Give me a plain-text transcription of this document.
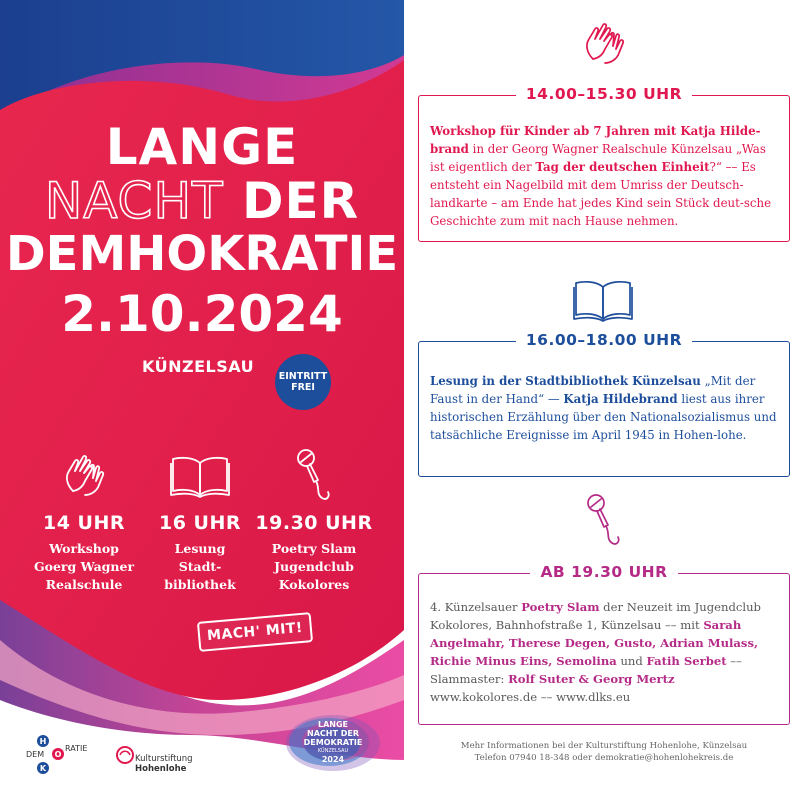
LANGE
NACHT DER
DEMHOKRATIE
2.10.2024
KÜNZELSAU
EINTRITT
FREI
14 UHR
Workshop
Goerg Wagner
Realschule
16 UHR
Lesung
Stadt-
bibliothek
19.30 UHR
Poetry Slam
Jugendclub
Kokolores
MACH' MIT!
H
O
K
DEM
RATIE
Kulturstiftung
Hohenlohe
LANGE
NACHT DER
DEMOKRATIE
KÜNZELSAU
2024
14.00–15.30 UHR
Workshop für Kinder ab 7 Jahren mit Katja Hilde-brand in der Georg Wagner Realschule Künzelsau „Was ist eigentlich der Tag der deutschen Einheit?“ –– Es entsteht ein Nagelbild mit dem Umriss der Deutsch-landkarte – am Ende hat jedes Kind sein Stück deut-sche Geschichte zum mit nach Hause nehmen.
16.00–18.00 UHR
Lesung in der Stadtbibliothek Künzelsau „Mit der Faust in der Hand“ — Katja Hildebrand liest aus ihrer historischen Erzählung über den Nationalsozialismus und tatsächliche Ereignisse im April 1945 in Hohen-lohe.
AB 19.30 UHR
4. Künzelsauer Poetry Slam der Neuzeit im Jugendclub Kokolores, Bahnhofstraße 1, Künzelsau –– mit Sarah Angelmahr, Therese Degen, Gusto, Adrian Mulass, Richie Minus Eins, Semolina und Fatih Serbet –– Slammaster: Rolf Suter & Georg Mertz
www.kokolores.de –– www.dlks.eu
Mehr Informationen bei der Kulturstiftung Hohenlohe, Künzelsau
Telefon 07940 18-348 oder demokratie@hohenlohekreis.de
